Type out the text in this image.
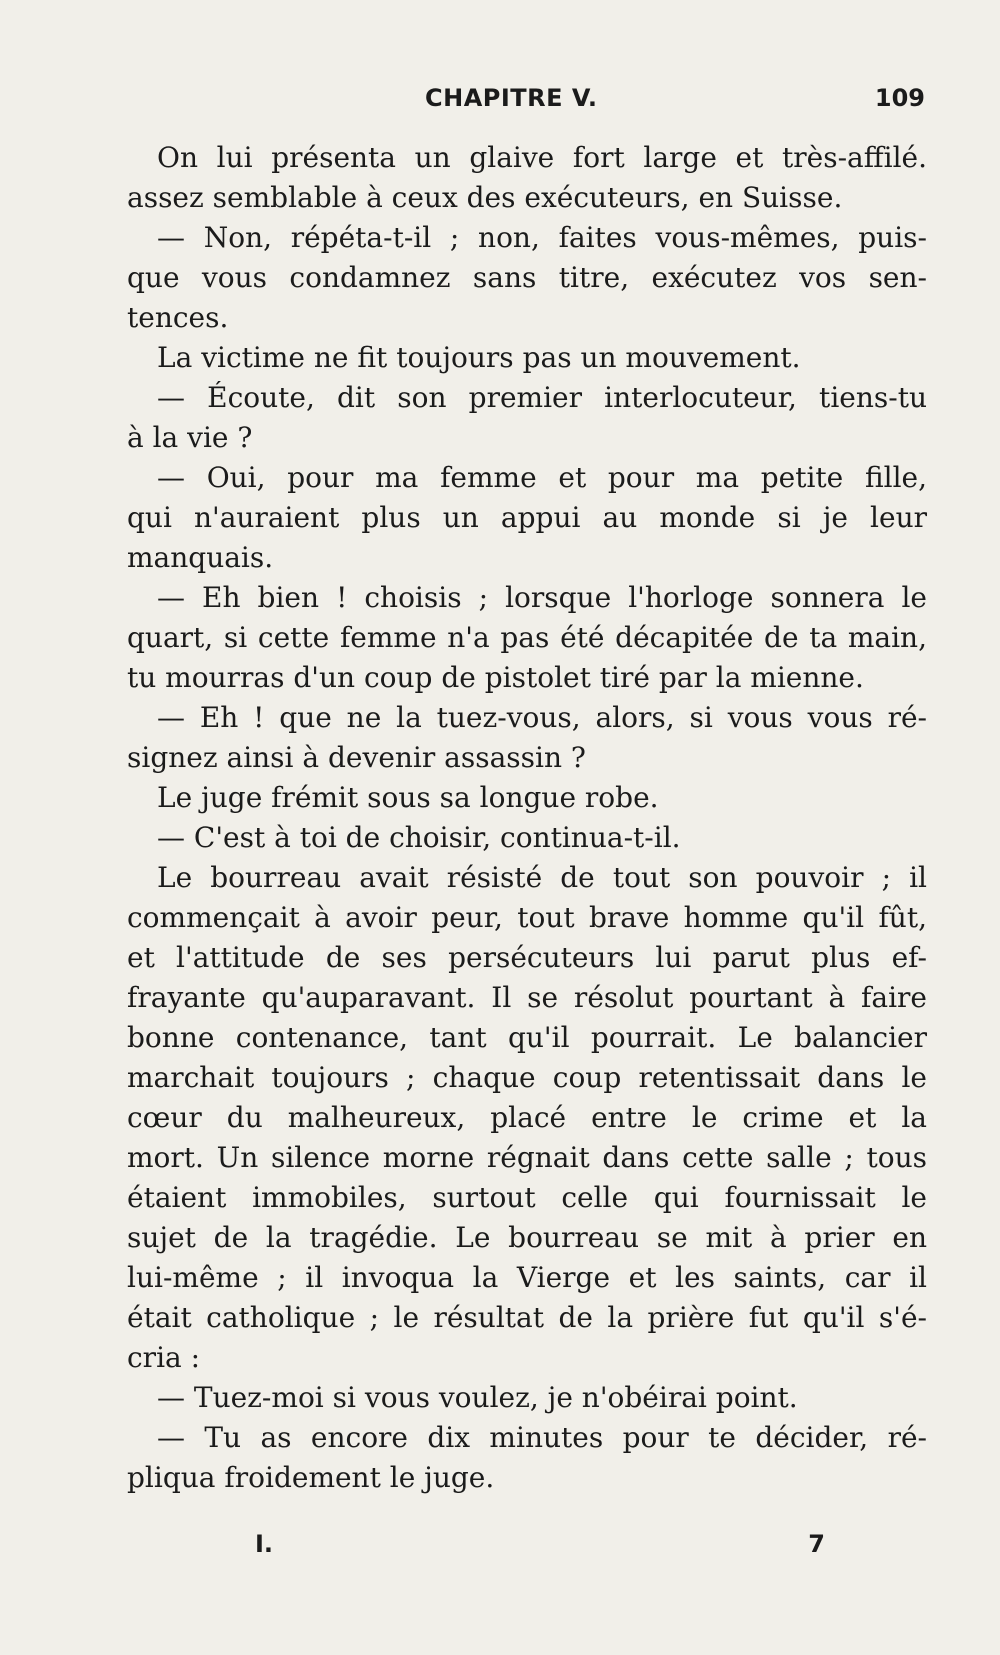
CHAPITRE V.	109
On lui présenta un glaive fort large et très-affilé.
assez semblable à ceux des exécuteurs, en Suisse.
— Non, répéta-t-il ; non, faites vous-mêmes, puis-
que vous condamnez sans titre, exécutez vos sen-
tences.
La victime ne fit toujours pas un mouvement.
— Écoute, dit son premier interlocuteur, tiens-tu
à la vie ?
— Oui, pour ma femme et pour ma petite fille,
qui n'auraient plus un appui au monde si je leur
manquais.
— Eh bien ! choisis ; lorsque l'horloge sonnera le
quart, si cette femme n'a pas été décapitée de ta main,
tu mourras d'un coup de pistolet tiré par la mienne.
— Eh ! que ne la tuez-vous, alors, si vous vous ré-
signez ainsi à devenir assassin ?
Le juge frémit sous sa longue robe.
— C'est à toi de choisir, continua-t-il.
Le bourreau avait résisté de tout son pouvoir ; il
commençait à avoir peur, tout brave homme qu'il fût,
et l'attitude de ses persécuteurs lui parut plus ef-
frayante qu'auparavant. Il se résolut pourtant à faire
bonne contenance, tant qu'il pourrait. Le balancier
marchait toujours ; chaque coup retentissait dans le
cœur du malheureux, placé entre le crime et la
mort. Un silence morne régnait dans cette salle ; tous
étaient immobiles, surtout celle qui fournissait le
sujet de la tragédie. Le bourreau se mit à prier en
lui-même ; il invoqua la Vierge et les saints, car il
était catholique ; le résultat de la prière fut qu'il s'é-
cria :
— Tuez-moi si vous voulez, je n'obéirai point.
— Tu as encore dix minutes pour te décider, ré-
pliqua froidement le juge.
I.	7
